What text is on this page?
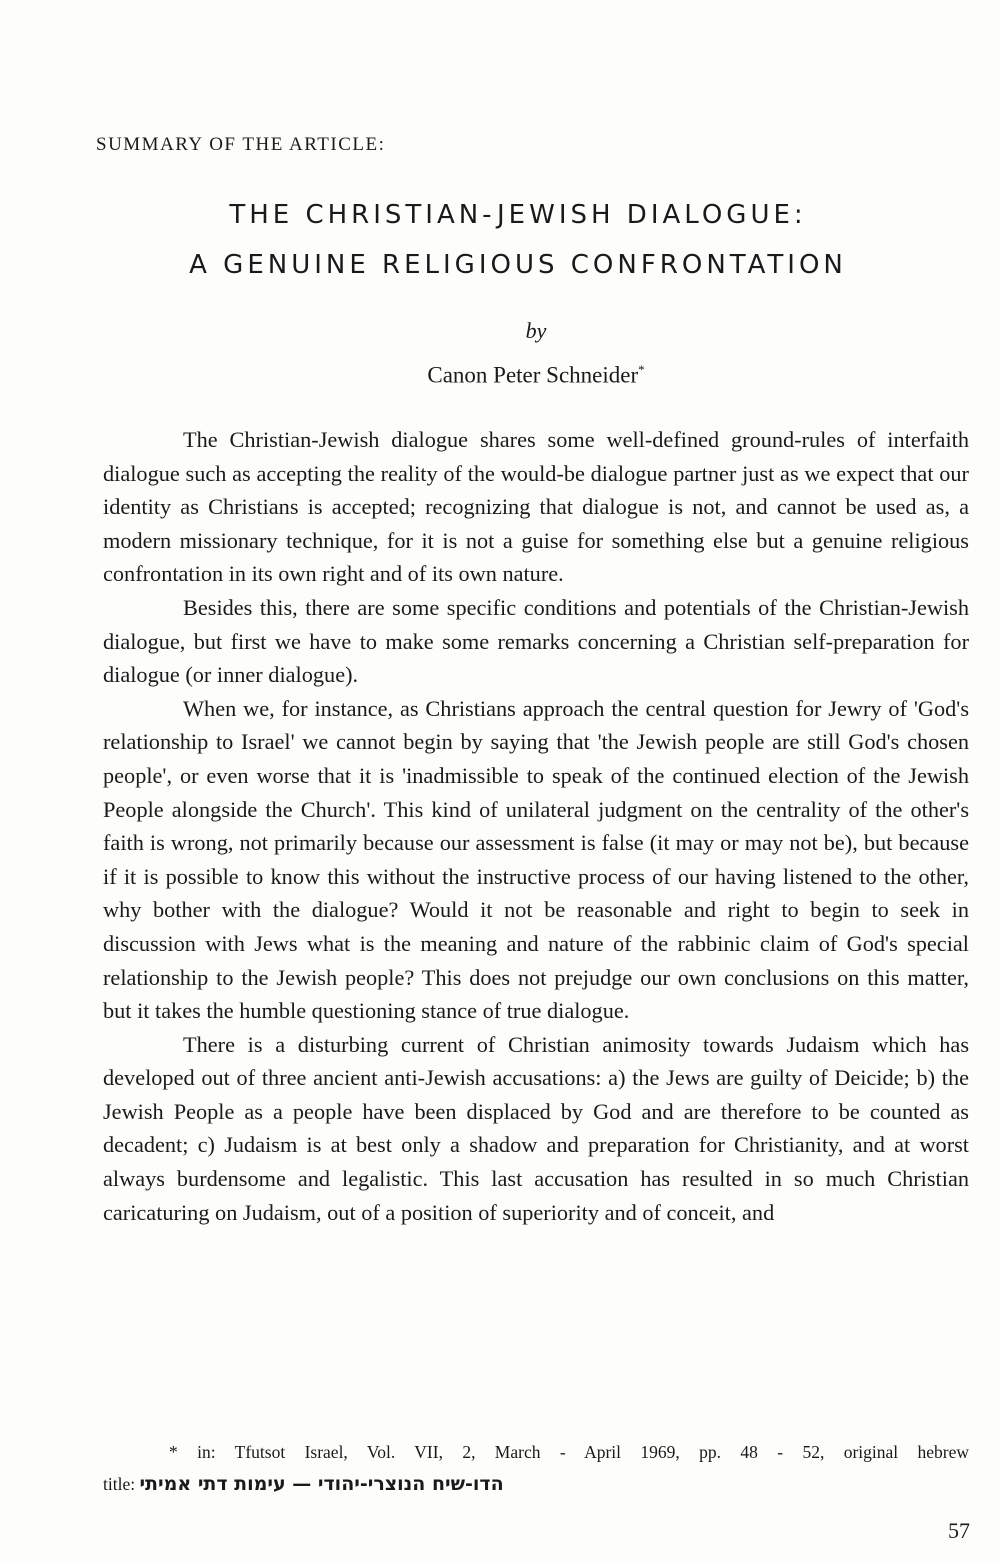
SUMMARY OF THE ARTICLE:
THE CHRISTIAN-JEWISH DIALOGUE:
A GENUINE RELIGIOUS CONFRONTATION
by
Canon Peter Schneider*

The Christian-Jewish dialogue shares some well-defined ground-rules of interfaith dialogue such as accepting the reality of the would-be dialogue partner just as we expect that our identity as Christians is accepted; recognizing that dialogue is not, and cannot be used as, a modern missionary technique, for it is not a guise for something else but a genuine religious confrontation in its own right and of its own nature.

Besides this, there are some specific conditions and potentials of the Christian-Jewish dialogue, but first we have to make some remarks concerning a Christian self-preparation for dialogue (or inner dialogue).

When we, for instance, as Christians approach the central question for Jewry of 'God's relationship to Israel' we cannot begin by saying that 'the Jewish people are still God's chosen people', or even worse that it is 'inadmissible to speak of the continued election of the Jewish People alongside the Church'. This kind of unilateral judgment on the centrality of the other's faith is wrong, not primarily because our assessment is false (it may or may not be), but because if it is possible to know this without the instructive process of our having listened to the other, why bother with the dialogue? Would it not be reasonable and right to begin to seek in discussion with Jews what is the meaning and nature of the rabbinic claim of God's special relationship to the Jewish people? This does not prejudge our own conclusions on this matter, but it takes the humble questioning stance of true dialogue.

There is a disturbing current of Christian animosity towards Judaism which has developed out of three ancient anti-Jewish accusations: a) the Jews are guilty of Deicide; b) the Jewish People as a people have been displaced by God and are therefore to be counted as decadent; c) Judaism is at best only a shadow and preparation for Christianity, and at worst always burdensome and legalistic. This last accusation has resulted in so much Christian caricaturing on Judaism, out of a position of superiority and of conceit, and

* in: Tfutsot Israel, Vol. VII, 2, March - April 1969, pp. 48 - 52, original hebrew
title: הדו-שיח הנוצרי-יהודי — עימות דתי אמיתי
57
